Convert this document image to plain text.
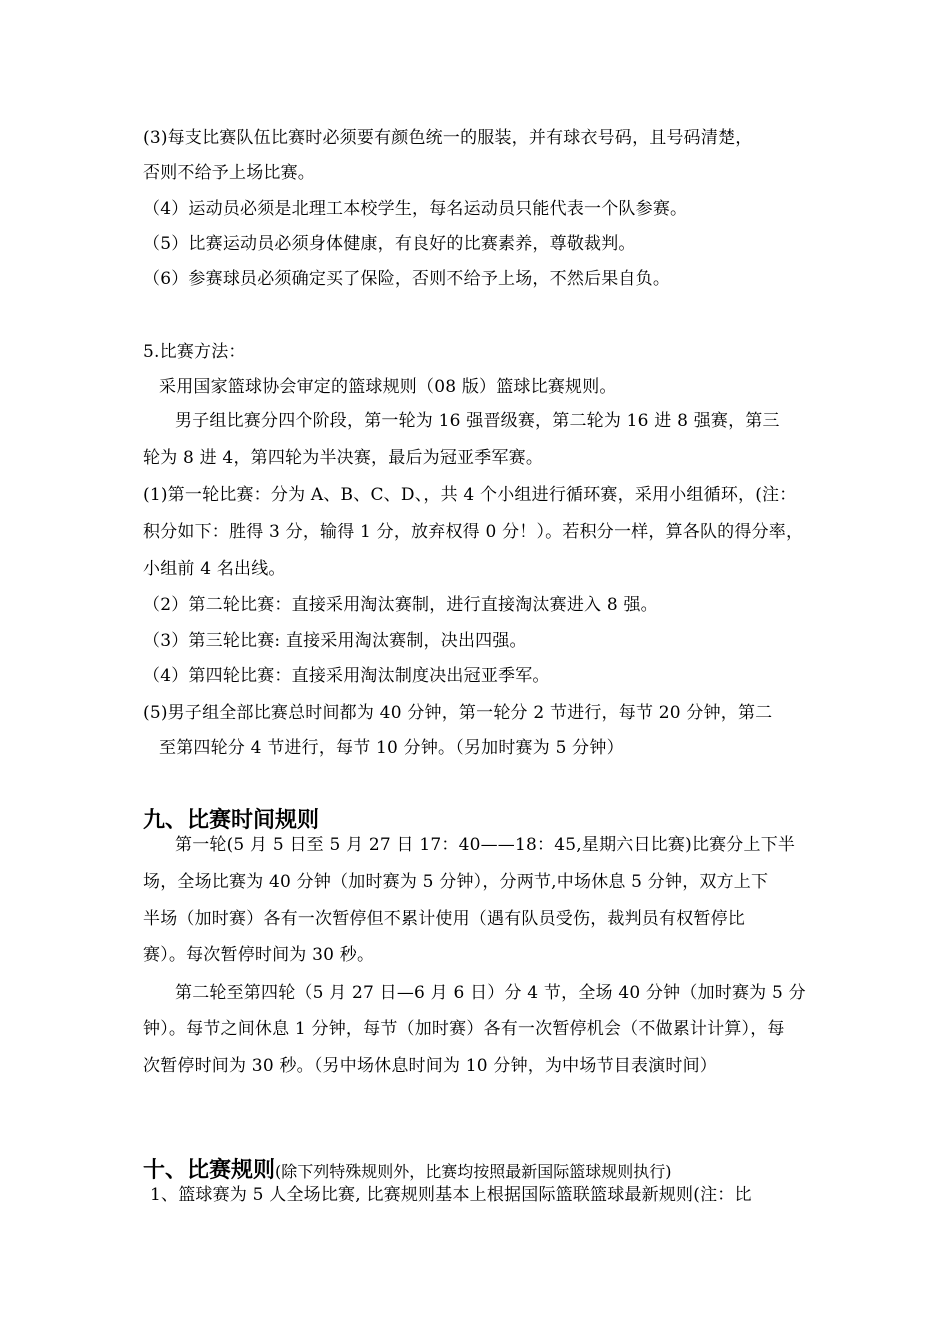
(3)每支比赛队伍比赛时必须要有颜色统一的服装，并有球衣号码，且号码清楚，
否则不给予上场比赛。
（4）运动员必须是北理工本校学生，每名运动员只能代表一个队参赛。
（5）比赛运动员必须身体健康，有良好的比赛素养，尊敬裁判。
（6）参赛球员必须确定买了保险，否则不给予上场，不然后果自负。
5.比赛方法：
采用国家篮球协会审定的篮球规则（08 版）篮球比赛规则。
男子组比赛分四个阶段，第一轮为 16 强晋级赛，第二轮为 16 进 8 强赛，第三
轮为 8 进 4，第四轮为半决赛，最后为冠亚季军赛。
(1)第一轮比赛：分为 A、B、C、D、，共 4 个小组进行循环赛，采用小组循环，(注：
积分如下：胜得 3 分，输得 1 分，放弃权得 0 分！）。若积分一样，算各队的得分率，
小组前 4 名出线。
（2）第二轮比赛：直接采用淘汰赛制，进行直接淘汰赛进入 8 强。
（3）第三轮比赛: 直接采用淘汰赛制，决出四强。
（4）第四轮比赛：直接采用淘汰制度决出冠亚季军。
(5)男子组全部比赛总时间都为 40 分钟，第一轮分 2 节进行，每节 20 分钟，第二
至第四轮分 4 节进行，每节 10 分钟。（另加时赛为 5 分钟）
九、比赛时间规则
第一轮(5 月 5 日至 5 月 27 日 17：40——18：45,星期六日比赛)比赛分上下半
场，全场比赛为 40 分钟（加时赛为 5 分钟），分两节,中场休息 5 分钟，双方上下
半场（加时赛）各有一次暂停但不累计使用（遇有队员受伤，裁判员有权暂停比
赛）。每次暂停时间为 30 秒。
第二轮至第四轮（5 月 27 日—6 月 6 日）分 4 节，全场 40 分钟（加时赛为 5 分
钟）。每节之间休息 1 分钟，每节（加时赛）各有一次暂停机会（不做累计计算），每
次暂停时间为 30 秒。（另中场休息时间为 10 分钟，为中场节目表演时间）
十、比赛规则(除下列特殊规则外，比赛均按照最新国际篮球规则执行)
1、篮球赛为 5 人全场比赛, 比赛规则基本上根据国际篮联篮球最新规则(注：比
